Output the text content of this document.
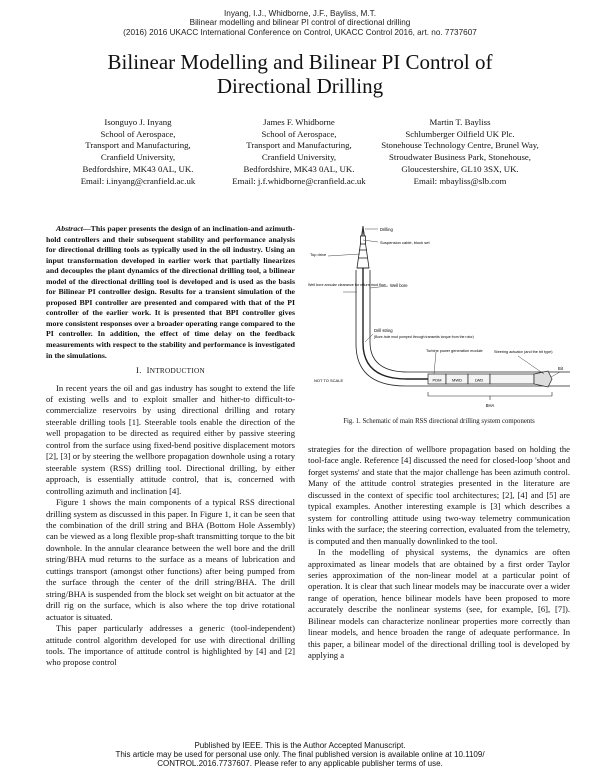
Inyang, I.J., Whidborne, J.F., Bayliss, M.T.
Bilinear modelling and bilinear PI control of directional drilling
(2016) 2016 UKACC International Conference on Control, UKACC Control 2016, art. no. 7737607
Bilinear Modelling and Bilinear PI Control of
Directional Drilling
Isonguyo J. Inyang
School of Aerospace,
Transport and Manufacturing,
Cranfield University,
Bedfordshire, MK43 0AL, UK.
Email: i.inyang@cranfield.ac.uk
James F. Whidborne
School of Aerospace,
Transport and Manufacturing,
Cranfield University,
Bedfordshire, MK43 0AL, UK.
Email: j.f.whidborne@cranfield.ac.uk
Martin T. Bayliss
Schlumberger Oilfield UK Plc.
Stonehouse Technology Centre, Brunel Way,
Stroudwater Business Park, Stonehouse,
Gloucestershire, GL10 3SX, UK.
Email: mbayliss@slb.com
Abstract—This paper presents the design of an inclination-and azimuth-hold controllers and their subsequent stability and performance analysis for directional drilling tools as typically used in the oil industry. Using an input transformation developed in earlier work that partially linearizes and decouples the plant dynamics of the directional drilling tool, a bilinear model of the directional drilling tool is developed and is used as the basis for Bilinear PI controller design. Results for a transient simulation of the proposed BPI controller are presented and compared with that of the PI controller of the earlier work. It is presented that BPI controller gives more consistent responses over a broader operating range compared to the PI controller. In addition, the effect of time delay on the feedback measurements with respect to the stability and performance is investigated in the simulations.
I. INTRODUCTION

In recent years the oil and gas industry has sought to extend the life of existing wells and to exploit smaller and hither-to difficult-to-commercialize reservoirs by using directional drilling and rotary steerable drilling tools [1]. Steerable tools enable the direction of the well propagation to be directed as required either by passive steering control from the surface using fixed-bend positive displacement motors [2], [3] or by steering the wellbore propagation downhole using a rotary steerable system (RSS) drilling tool. Directional drilling, by either approach, is essentially attitude control, that is, concerned with controlling azimuth and inclination [4].

Figure 1 shows the main components of a typical RSS directional drilling system as discussed in this paper. In Figure 1, it can be seen that the combination of the drill string and BHA (Bottom Hole Assembly) can be viewed as a long flexible prop-shaft transmitting torque to the bit downhole. In the annular clearance between the well bore and the drill string/BHA mud returns to the surface as a means of lubrication and cuttings transport (amongst other functions) after being pumped from the surface through the center of the drill string/BHA. The drill string/BHA is suspended from the block set weight on bit actuator at the drill rig on the surface, which is also where the top drive rotational actuator is situated.

This paper particularly addresses a generic (tool-independent) attitude control algorithm developed for use with directional drilling tools. The importance of attitude control is highlighted by [4] and [2] who propose control

PDM	MWD	LWD
BHA
Drilling
Suspension cable, block set
Top drive
Well bore annular clearance for return mud flow Well bore
Drill string
(Bore-hole mud pumped through transmits torque from the rotor)
Turbine power generation module	Steering actuator (and the bit type)
Bit
NOT TO SCALE
Fig. 1. Schematic of main RSS directional drilling system components

strategies for the direction of wellbore propagation based on holding the tool-face angle. Reference [4] discussed the need for closed-loop 'shoot and forget systems' and state that the major challenge has been azimuth control. Many of the attitude control strategies presented in the literature are discussed in the context of specific tool architectures; [2], [4] and [5] are typical examples. Another interesting example is [3] which describes a system for controlling attitude using two-way telemetry communication links with the surface; the steering correction, evaluated from the telemetry, is computed and then manually downlinked to the tool.

In the modelling of physical systems, the dynamics are often approximated as linear models that are obtained by a first order Taylor series approximation of the non-linear model at a particular point of operation. It is clear that such linear models may be inaccurate over a wider range of operation, hence bilinear models have been proposed to more accurately describe the nonlinear systems (see, for example, [6], [7]). Bilinear models can characterize nonlinear properties more correctly than linear models, and hence broaden the range of adequate performance. In this paper, a bilinear model of the directional drilling tool is developed by applying a

Published by IEEE. This is the Author Accepted Manuscript.
This article may be used for personal use only. The final published version is available online at 10.1109/
CONTROL.2016.7737607. Please refer to any applicable publisher terms of use.
